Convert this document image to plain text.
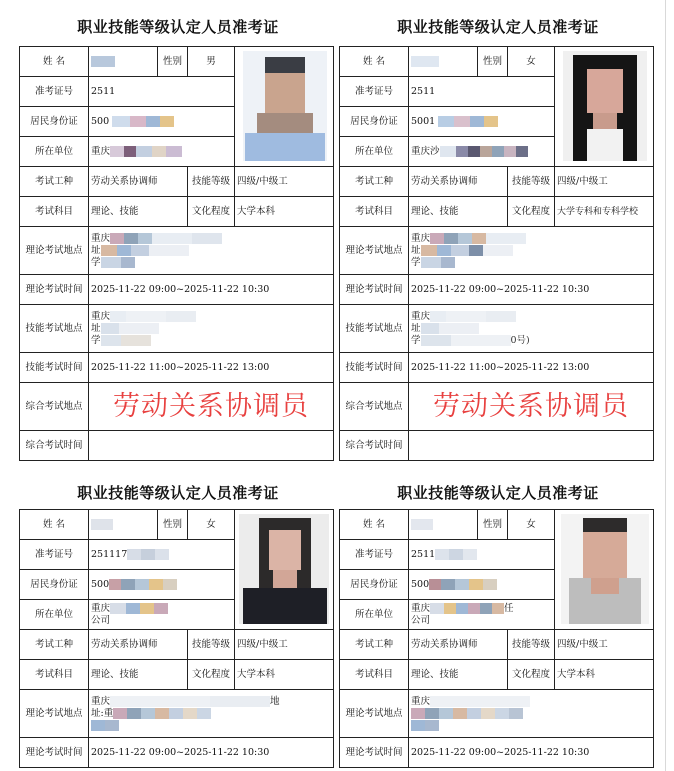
职业技能等级认定人员准考证
姓 名		性别	男	

准考证号	2511			
居民身份证	500			
所在单位	重庆			
考试工种	劳动关系协调师		技能等级	四级/中级工
考试科目	理论、技能		文化程度	大学本科
理论考试地点	重庆
址
学			
理论考试时间	2025-11-22 09:00~2025-11-22 10:30			
技能考试地点	重庆
址
学			
技能考试时间	2025-11-22 11:00~2025-11-22 13:00			
综合考试地点	劳动关系协调员			

综合考试时间				
职业技能等级认定人员准考证
姓 名		性别	女	

准考证号	2511			
居民身份证	5001			
所在单位	重庆沙			
考试工种	劳动关系协调师		技能等级	四级/中级工
考试科目	理论、技能		文化程度	大学专科和专科学校
理论考试地点	重庆
址
学			
理论考试时间	2025-11-22 09:00~2025-11-22 10:30			
技能考试地点	重庆
址
学 0号)			
技能考试时间	2025-11-22 11:00~2025-11-22 13:00			
综合考试地点	劳动关系协调员			

综合考试时间				
职业技能等级认定人员准考证
姓 名		性别	女	

准考证号	251117			
居民身份证	500			
所在单位	重庆
公司			
考试工种	劳动关系协调师		技能等级	四级/中级工
考试科目	理论、技能		文化程度	大学本科
理论考试地点	重庆 地
址:重			

理论考试时间	2025-11-22 09:00~2025-11-22 10:30			
职业技能等级认定人员准考证
姓 名		性别	女	

准考证号	2511			
居民身份证	500			
所在单位	重庆 任
公司			
考试工种	劳动关系协调师		技能等级	四级/中级工
考试科目	理论、技能		文化程度	大学本科
理论考试地点	重庆			

理论考试时间	2025-11-22 09:00~2025-11-22 10:30			
